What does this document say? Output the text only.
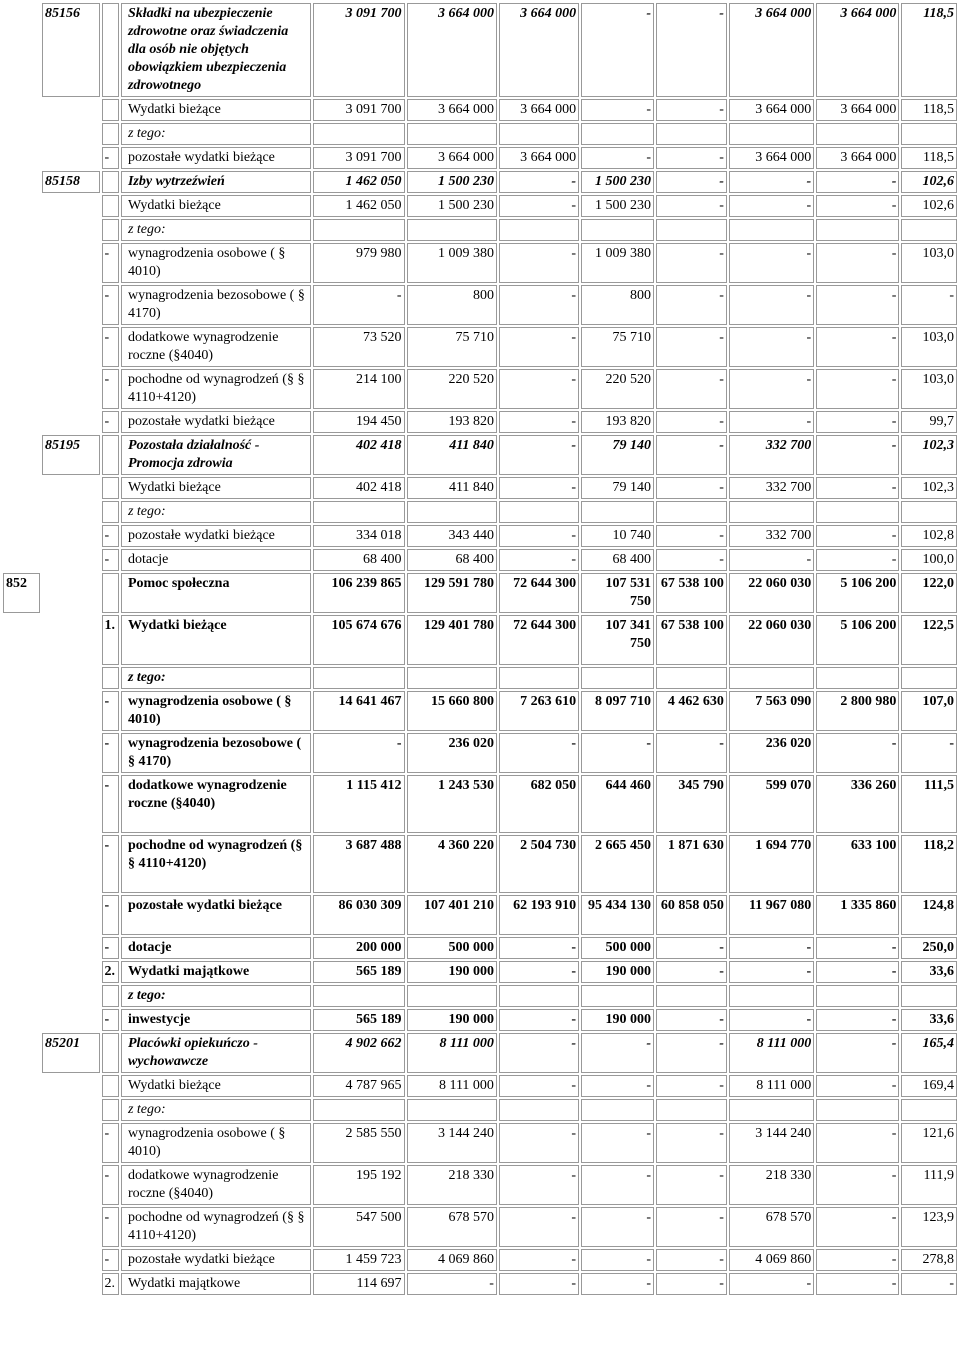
	85156		Składki na ubezpieczenie zdrowotne oraz świadczenia dla osób nie objętych obowiązkiem ubezpieczenia zdrowotnego	3 091 700	3 664 000	3 664 000	-	-	3 664 000	3 664 000	118,5
			Wydatki bieżące	3 091 700	3 664 000	3 664 000	-	-	3 664 000	3 664 000	118,5
			z tego:								
		-	pozostałe wydatki bieżące	3 091 700	3 664 000	3 664 000	-	-	3 664 000	3 664 000	118,5
	85158		Izby wytrzeźwień	1 462 050	1 500 230	-	1 500 230	-	-	-	102,6
			Wydatki bieżące	1 462 050	1 500 230	-	1 500 230	-	-	-	102,6
			z tego:								
		-	wynagrodzenia osobowe ( § 4010)	979 980	1 009 380	-	1 009 380	-	-	-	103,0
		-	wynagrodzenia bezosobowe ( § 4170)	-	800	-	800	-	-	-	-
		-	dodatkowe wynagrodzenie roczne (§4040)	73 520	75 710	-	75 710	-	-	-	103,0
		-	pochodne od wynagrodzeń (§ § 4110+4120)	214 100	220 520	-	220 520	-	-	-	103,0
		-	pozostałe wydatki bieżące	194 450	193 820	-	193 820	-	-	-	99,7
	85195		Pozostała działalność - Promocja zdrowia	402 418	411 840	-	79 140	-	332 700	-	102,3
			Wydatki bieżące	402 418	411 840	-	79 140	-	332 700	-	102,3
			z tego:								
		-	pozostałe wydatki bieżące	334 018	343 440	-	10 740	-	332 700	-	102,8
		-	dotacje	68 400	68 400	-	68 400	-	-	-	100,0
852			Pomoc społeczna	106 239 865	129 591 780	72 644 300	107 531 750	67 538 100	22 060 030	5 106 200	122,0
		1.	Wydatki bieżące	105 674 676	129 401 780	72 644 300	107 341 750	67 538 100	22 060 030	5 106 200	122,5
			z tego:								
		-	wynagrodzenia osobowe ( § 4010)	14 641 467	15 660 800	7 263 610	8 097 710	4 462 630	7 563 090	2 800 980	107,0
		-	wynagrodzenia bezosobowe ( § 4170)	-	236 020	-	-	-	236 020	-	-
		-	dodatkowe wynagrodzenie roczne (§4040)	1 115 412	1 243 530	682 050	644 460	345 790	599 070	336 260	111,5
		-	pochodne od wynagrodzeń (§ § 4110+4120)	3 687 488	4 360 220	2 504 730	2 665 450	1 871 630	1 694 770	633 100	118,2
		-	pozostałe wydatki bieżące	86 030 309	107 401 210	62 193 910	95 434 130	60 858 050	11 967 080	1 335 860	124,8
		-	dotacje	200 000	500 000	-	500 000	-	-	-	250,0
		2.	Wydatki majątkowe	565 189	190 000	-	190 000	-	-	-	33,6
			z tego:								
		-	inwestycje	565 189	190 000	-	190 000	-	-	-	33,6
	85201		Placówki opiekuńczo - wychowawcze	4 902 662	8 111 000	-	-	-	8 111 000	-	165,4
			Wydatki bieżące	4 787 965	8 111 000	-	-	-	8 111 000	-	169,4
			z tego:								
		-	wynagrodzenia osobowe ( § 4010)	2 585 550	3 144 240	-	-	-	3 144 240	-	121,6
		-	dodatkowe wynagrodzenie roczne (§4040)	195 192	218 330	-	-	-	218 330	-	111,9
		-	pochodne od wynagrodzeń (§ § 4110+4120)	547 500	678 570	-	-	-	678 570	-	123,9
		-	pozostałe wydatki bieżące	1 459 723	4 069 860	-	-	-	4 069 860	-	278,8
		2.	Wydatki majątkowe	114 697	-	-	-	-	-	-	-
